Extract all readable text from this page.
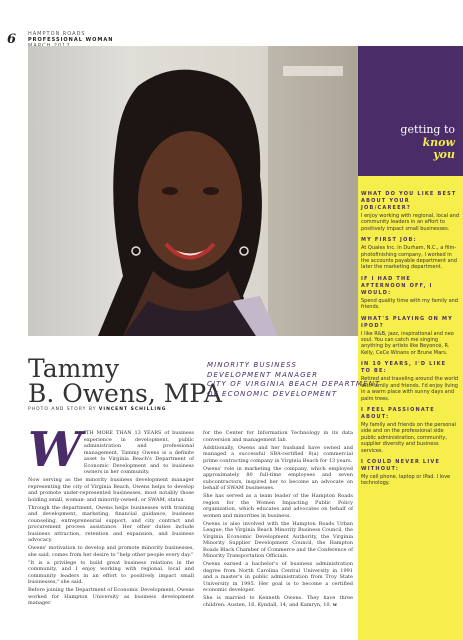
6 HAMPTON ROADS
PROFESSIONAL WOMAN
getting to
know
you
WHAT DO YOU LIKE BEST ABOUT YOUR JOB/CAREER?
I enjoy working with regional, local and community leaders in an effort to positively impact small businesses.
MY FIRST JOB:
At Quales Inc. in Durham, N.C., a film-photofinishing company, I worked in the accounts payable department and later the marketing department.
IF I HAD THE AFTERNOON OFF, I WOULD:
Spend quality time with my family and friends.
WHAT'S PLAYING ON MY IPOD?
I like R&B, jazz, inspirational and neo soul. You can catch me singing anything by artists like Beyoncé, R. Kelly, CeCe Winans or Brune Mars.
IN 10 YEARS, I'D LIKE TO BE:
Retired and traveling around the world with family and friends. I'd enjoy living in a warm place with sunny days and palm trees.
I FEEL PASSIONATE ABOUT:
My family and friends on the personal side and on the professional side public administration, community, supplier diversity and business services.
I COULD NEVER LIVE WITHOUT:
My cell phone, laptop or iPad. I love technology.
Tammy
B. Owens, MPA
MINORITY BUSINESS
DEVELOPMENT MANAGER
CITY OF VIRGINIA BEACH DEPARTMENT
OF ECONOMIC DEVELOPMENT
PHOTO AND STORY BY VINCENT SCHILLING
W ITH MORE THAN 13 YEARS of business experience in development, public administration and professional management, Tammy Owens is a definite asset to Virginia Beach's Department of Economic Development and to business owners in her community.

Now serving as the minority business development manager representing the city of Virginia Beach, Owens helps to develop and promote under-represented businesses, most notably those holding small, woman- and minority-owned, or SWAM, status.

Through the department, Owens helps businesses with training and development, marketing, financial guidance, business counseling, entrepreneurial support, and city contract and procurement process assistance. Her other duties include business attraction, retention and expansion, and business advocacy.

Owens' motivation to develop and promote minority businesses, she said, comes from her desire to "help other people every day."

"It is a privilege to build great business relations in the community, and I enjoy working with regional, local and community leaders in an effort to positively impact small businesses," she said.

Before joining the Department of Economic Development, Owens worked for Hampton University as business development manager

for the Center for Information Technology in its data conversion and management lab.

Additionally, Owens and her husband have owned and managed a successful SBA-certified 8(a) commercial prime contracting company in Virginia Beach for 13 years.

Owens' role in marketing the company, which employed approximately 80 full-time employees and seven subcontractors, inspired her to become an advocate on behalf of SWAM businesses.

She has served as a team leader of the Hampton Roads region for the Women Impacting Public Policy organization, which educates and advocates on behalf of women and minorities in business.

Owens is also involved with the Hampton Roads Urban League, the Virginia Beach Minority Business Council, the Virginia Economic Development Authority, the Virginia Minority Supplier Development Council, the Hampton Roads Black Chamber of Commerce and the Conference of Minority Transportation Officials.

Owens earned a bachelor's of business administration degree from North Carolina Central University in 1991 and a master's in public administration from Troy State University in 1995. Her goal is to become a certified economic developer.

She is married to Kenneth Owens. They have three children: Austen, 16, Kyndall, 14, and Kamryn, 10. w
